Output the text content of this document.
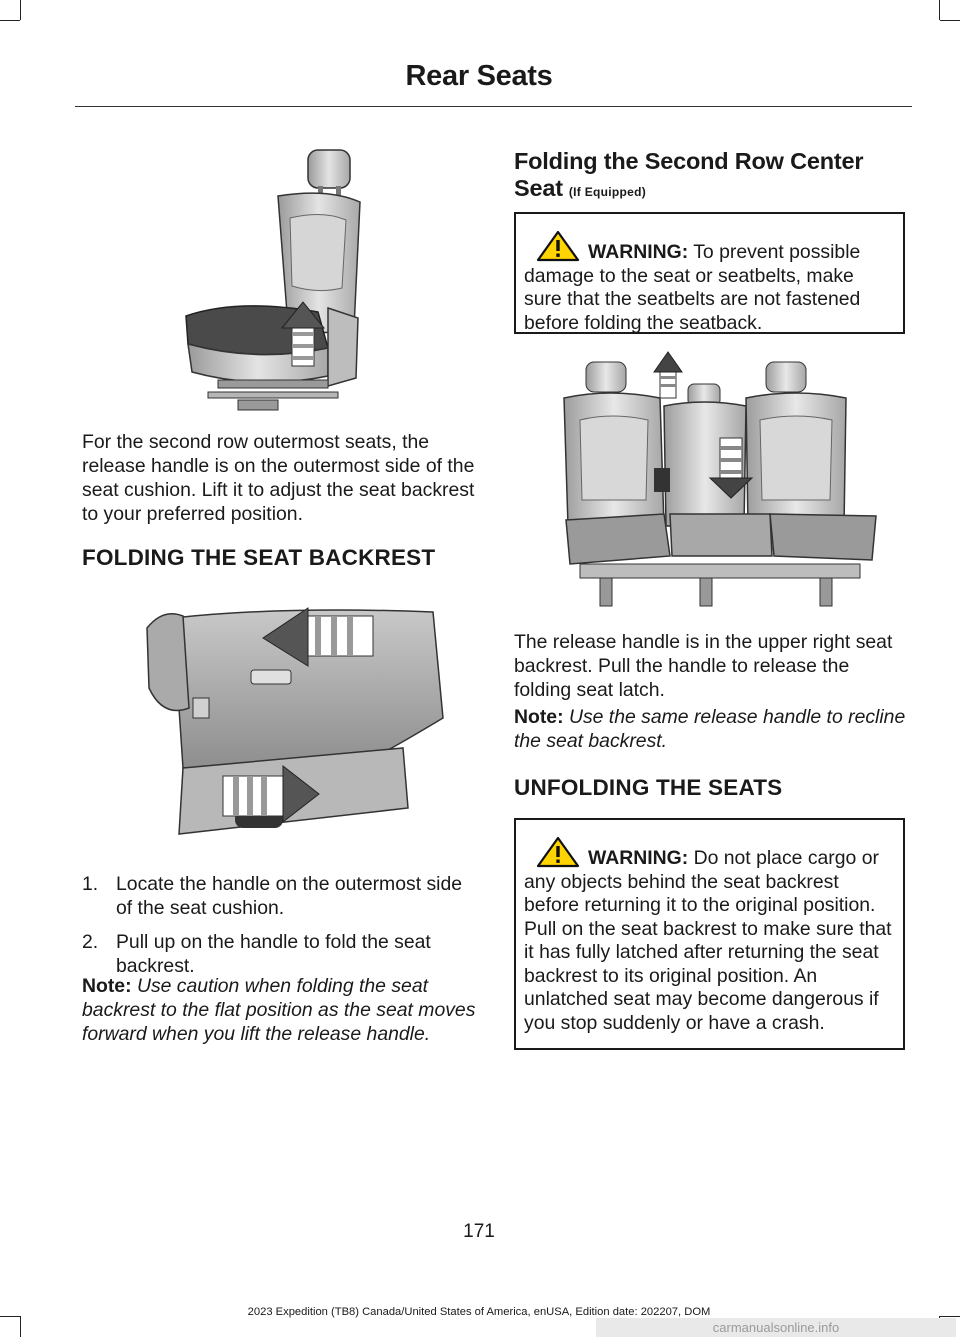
Rear Seats

For the second row outermost seats, the release handle is on the outermost side of the seat cushion. Lift it to adjust the seat backrest to your preferred position.

FOLDING THE SEAT BACKREST
1. Locate the handle on the outermost side of the seat cushion.
2. Pull up on the handle to fold the seat backrest.

Note: Use caution when folding the seat backrest to the flat position as the seat moves forward when you lift the release handle.

Folding the Second Row Center Seat (If Equipped)
WARNING: To prevent possible damage to the seat or seatbelts, make sure that the seatbelts are not fastened before folding the seatback.

The release handle is in the upper right seat backrest. Pull the handle to release the folding seat latch.

Note: Use the same release handle to recline the seat backrest.

UNFOLDING THE SEATS
WARNING: Do not place cargo or any objects behind the seat backrest before returning it to the original position. Pull on the seat backrest to make sure that it has fully latched after returning the seat backrest to its original position. An unlatched seat may become dangerous if you stop suddenly or have a crash.
171
2023 Expedition (TB8) Canada/United States of America, enUSA, Edition date: 202207, DOM
carmanualsonline.info
